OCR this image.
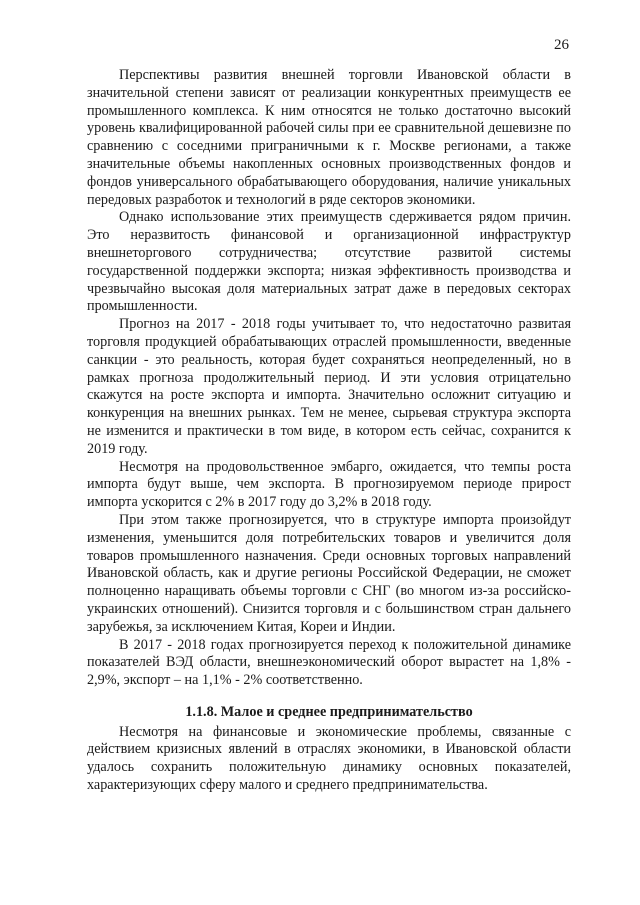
26

Перспективы развития внешней торговли Ивановской области в значительной степени зависят от реализации конкурентных преимуществ ее промышленного комплекса. К ним относятся не только достаточно высокий уровень квалифицированной рабочей силы при ее сравнительной дешевизне по сравнению с соседними приграничными к г. Москве регионами, а также значительные объемы накопленных основных производственных фондов и фондов универсального обрабатывающего оборудования, наличие уникальных передовых разработок и технологий в ряде секторов экономики.

Однако использование этих преимуществ сдерживается рядом причин. Это неразвитость финансовой и организационной инфраструктур внешнеторгового сотрудничества; отсутствие развитой системы государственной поддержки экспорта; низкая эффективность производства и чрезвычайно высокая доля материальных затрат даже в передовых секторах промышленности.

Прогноз на 2017 - 2018 годы учитывает то, что недостаточно развитая торговля продукцией обрабатывающих отраслей промышленности, введенные санкции - это реальность, которая будет сохраняться неопределенный, но в рамках прогноза продолжительный период. И эти условия отрицательно скажутся на росте экспорта и импорта. Значительно осложнит ситуацию и конкуренция на внешних рынках. Тем не менее, сырьевая структура экспорта не изменится и практически в том виде, в котором есть сейчас, сохранится к 2019 году.

Несмотря на продовольственное эмбарго, ожидается, что темпы роста импорта будут выше, чем экспорта. В прогнозируемом периоде прирост импорта ускорится с 2% в 2017 году до 3,2% в 2018 году.

При этом также прогнозируется, что в структуре импорта произойдут изменения, уменьшится доля потребительских товаров и увеличится доля товаров промышленного назначения. Среди основных торговых направлений Ивановской область, как и другие регионы Российской Федерации, не сможет полноценно наращивать объемы торговли с СНГ (во многом из-за российско-украинских отношений). Снизится торговля и с большинством стран дальнего зарубежья, за исключением Китая, Кореи и Индии.

В 2017 - 2018 годах прогнозируется переход к положительной динамике показателей ВЭД области, внешнеэкономический оборот вырастет на 1,8% - 2,9%, экспорт – на 1,1% - 2% соответственно.

1.1.8. Малое и среднее предпринимательство

Несмотря на финансовые и экономические проблемы, связанные с действием кризисных явлений в отраслях экономики, в Ивановской области удалось сохранить положительную динамику основных показателей, характеризующих сферу малого и среднего предпринимательства.
